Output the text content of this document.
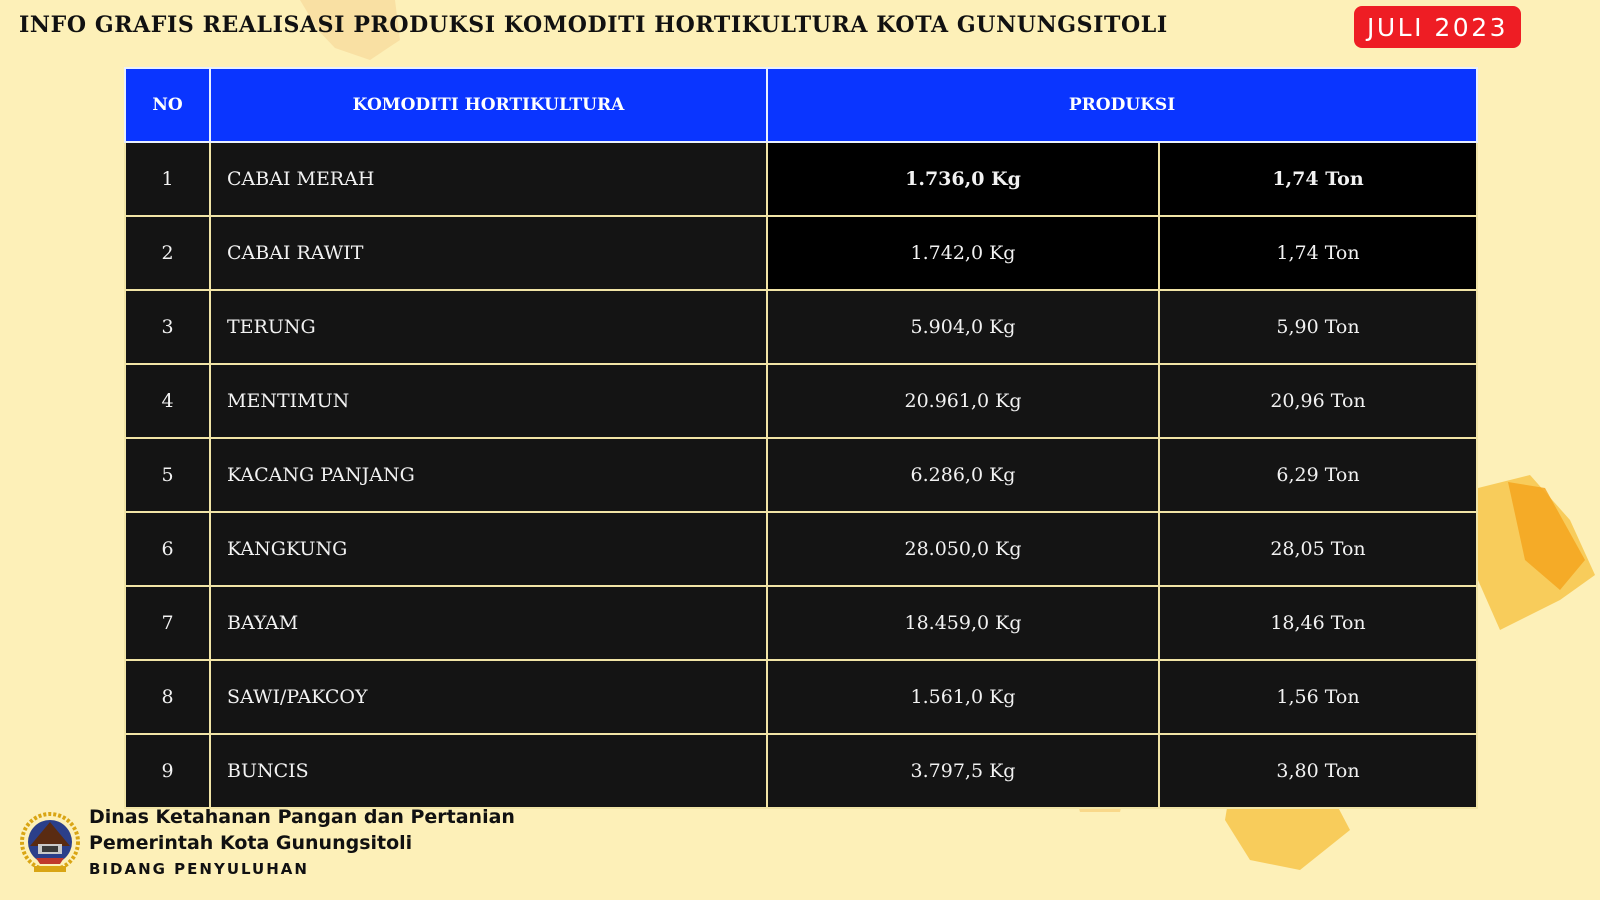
INFO GRAFIS REALISASI PRODUKSI KOMODITI HORTIKULTURA KOTA GUNUNGSITOLI	JULI 2023
NO	KOMODITI HORTIKULTURA	PRODUKSI	
1	CABAI MERAH	1.736,0 Kg	1,74 Ton
2	CABAI RAWIT	1.742,0 Kg	1,74 Ton
3	TERUNG	5.904,0 Kg	5,90 Ton
4	MENTIMUN	20.961,0 Kg	20,96 Ton
5	KACANG PANJANG	6.286,0 Kg	6,29 Ton
6	KANGKUNG	28.050,0 Kg	28,05 Ton
7	BAYAM	18.459,0 Kg	18,46 Ton
8	SAWI/PAKCOY	1.561,0 Kg	1,56 Ton
9	BUNCIS	3.797,5 Kg	3,80 Ton
Dinas Ketahanan Pangan dan Pertanian
Pemerintah Kota Gunungsitoli
BIDANG PENYULUHAN
